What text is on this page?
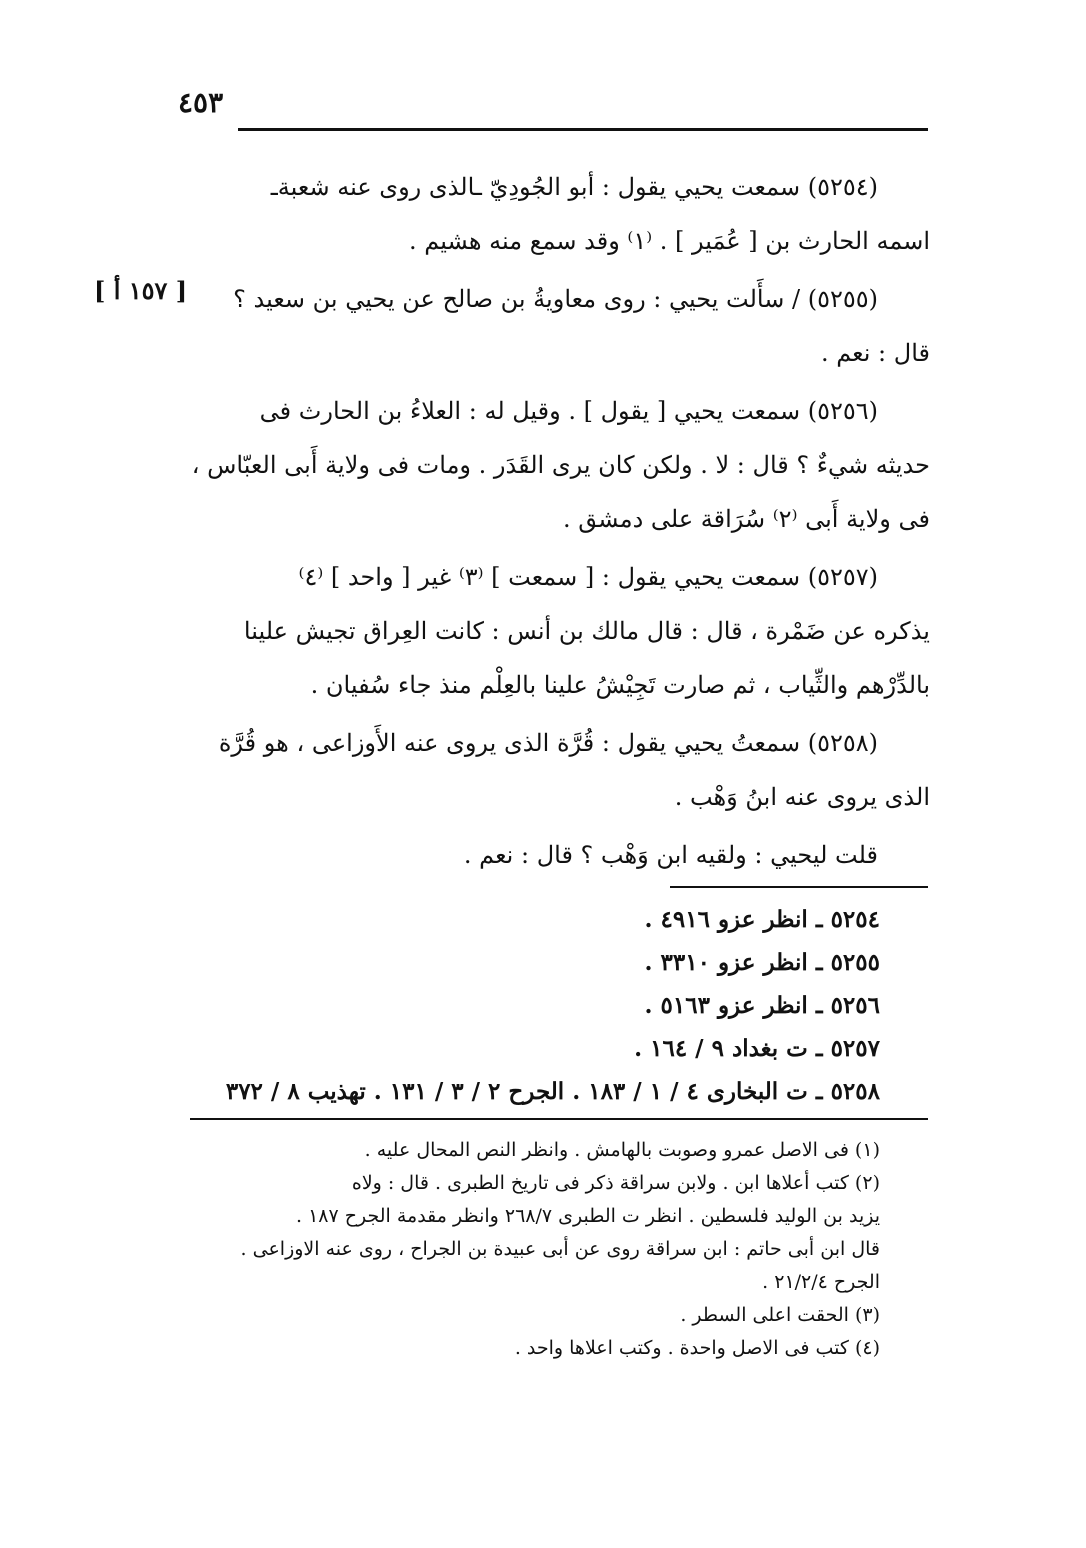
٤٥٣
[ ١٥٧ أ ]
(٥٢٥٤) سمعت يحيي يقول : أبو الجُودِيّ ـالذى روى عنه شعبةـ
اسمه الحارث بن [ عُمَير ] . ⁽١⁾ وقد سمع منه هشيم .
(٥٢٥٥) / سأَلت يحيي : روى معاويةُ بن صالح عن يحيي بن سعيد ؟
قال : نعم .
(٥٢٥٦) سمعت يحيي [ يقول ] . وقيل له : العلاءُ بن الحارث فى
حديثه شيءٌ ؟ قال : لا . ولكن كان يرى القَدَر . ومات فى ولاية أَبى العبّاس ،
فى ولاية أَبى ⁽٢⁾ سُرَاقة على دمشق .
(٥٢٥٧) سمعت يحيي يقول : [ سمعت ] ⁽٣⁾ غير [ واحد ] ⁽٤⁾
يذكره عن ضَمْرة ، قال : قال مالك بن أنس : كانت العِراق تجيش علينا
بالدِّرْهم والثِّياب ، ثم صارت تَجِيْشُ علينا بالعِلْم منذ جاء سُفيان .
(٥٢٥٨) سمعتُ يحيي يقول : قُرَّة الذى يروى عنه الأَوزاعى ، هو قُرَّة
الذى يروى عنه ابنُ وَهْب .
قلت ليحيي : ولقيه ابن وَهْب ؟ قال : نعم .
٥٢٥٤ ـ انظر عزو ٤٩١٦ .
٥٢٥٥ ـ انظر عزو ٣٣١٠ .
٥٢٥٦ ـ انظر عزو ٥١٦٣ .
٥٢٥٧ ـ ت بغداد ٩ / ١٦٤ .
٥٢٥٨ ـ ت البخارى ٤ / ١ / ١٨٣ . الجرح ٢ / ٣ / ١٣١ . تهذيب ٨ / ٣٧٢
(١) فى الاصل عمرو وصوبت بالهامش . وانظر النص المحال عليه .
(٢) كتب أعلاها ابن . ولابن سراقة ذكر فى تاريخ الطبرى . قال : ولاه
يزيد بن الوليد فلسطين . انظر ت الطبرى ٢٦٨/٧ وانظر مقدمة الجرح ١٨٧ .
قال ابن أبى حاتم : ابن سراقة روى عن أبى عبيدة بن الجراح ، روى عنه الاوزاعى .
الجرح ٢١/٢/٤ .
(٣) الحقت اعلى السطر .
(٤) كتب فى الاصل واحدة . وكتب اعلاها واحد .
